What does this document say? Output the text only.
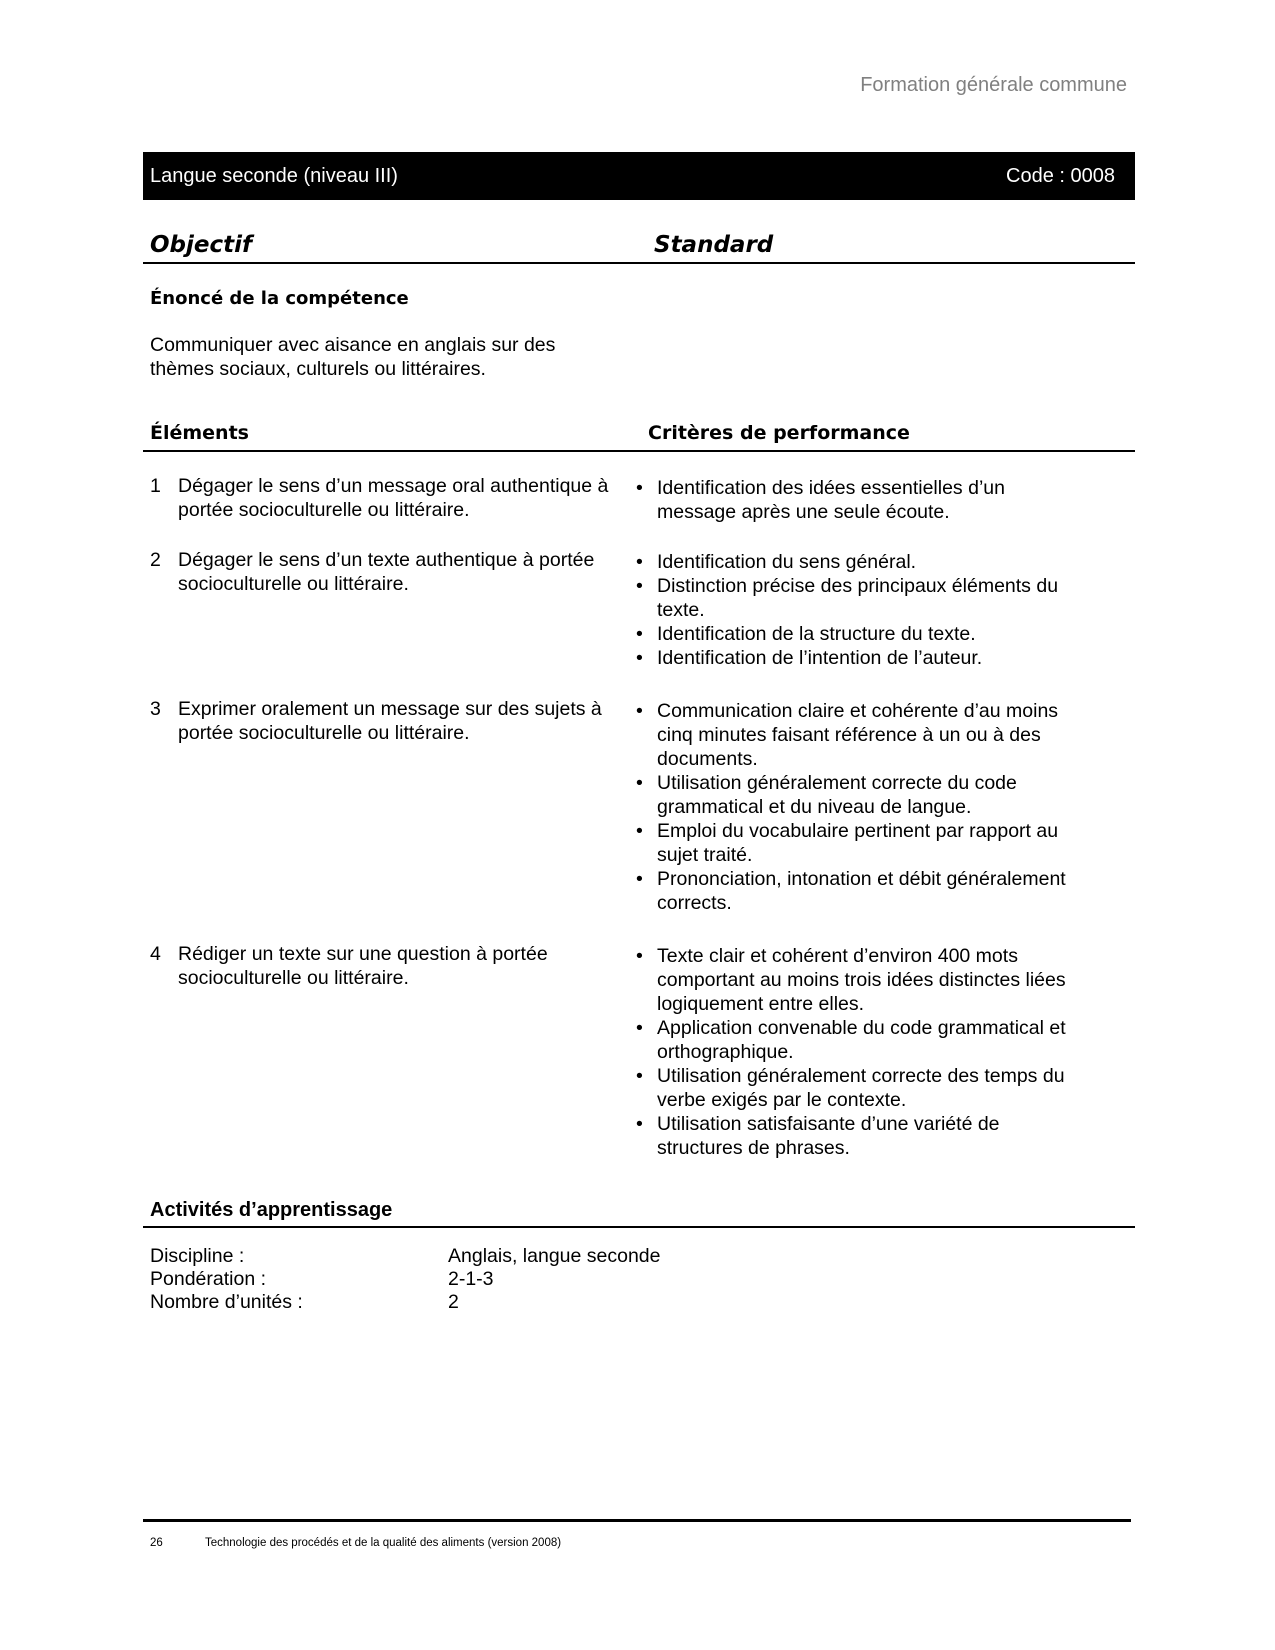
Formation générale commune
Langue seconde (niveau III)	Code : 0008
Objectif	Standard
Énoncé de la compétence
Communiquer avec aisance en anglais sur des thèmes sociaux, culturels ou littéraires.
Éléments	Critères de performance
1 Dégager le sens d’un message oral authentique à portée socioculturelle ou littéraire.
• Identification des idées essentielles d’un message après une seule écoute.
2 Dégager le sens d’un texte authentique à portée socioculturelle ou littéraire.
• Identification du sens général.
• Distinction précise des principaux éléments du texte.
• Identification de la structure du texte.
• Identification de l’intention de l’auteur.
3 Exprimer oralement un message sur des sujets à portée socioculturelle ou littéraire.
• Communication claire et cohérente d’au moins cinq minutes faisant référence à un ou à des documents.
• Utilisation généralement correcte du code grammatical et du niveau de langue.
• Emploi du vocabulaire pertinent par rapport au sujet traité.
• Prononciation, intonation et débit généralement corrects.
4 Rédiger un texte sur une question à portée socioculturelle ou littéraire.
• Texte clair et cohérent d’environ 400 mots comportant au moins trois idées distinctes liées logiquement entre elles.
• Application convenable du code grammatical et orthographique.
• Utilisation généralement correcte des temps du verbe exigés par le contexte.
• Utilisation satisfaisante d’une variété de structures de phrases.
Activités d’apprentissage
Discipline :	Anglais, langue seconde
Pondération :	2-1-3
Nombre d’unités :	2
26	Technologie des procédés et de la qualité des aliments (version 2008)
